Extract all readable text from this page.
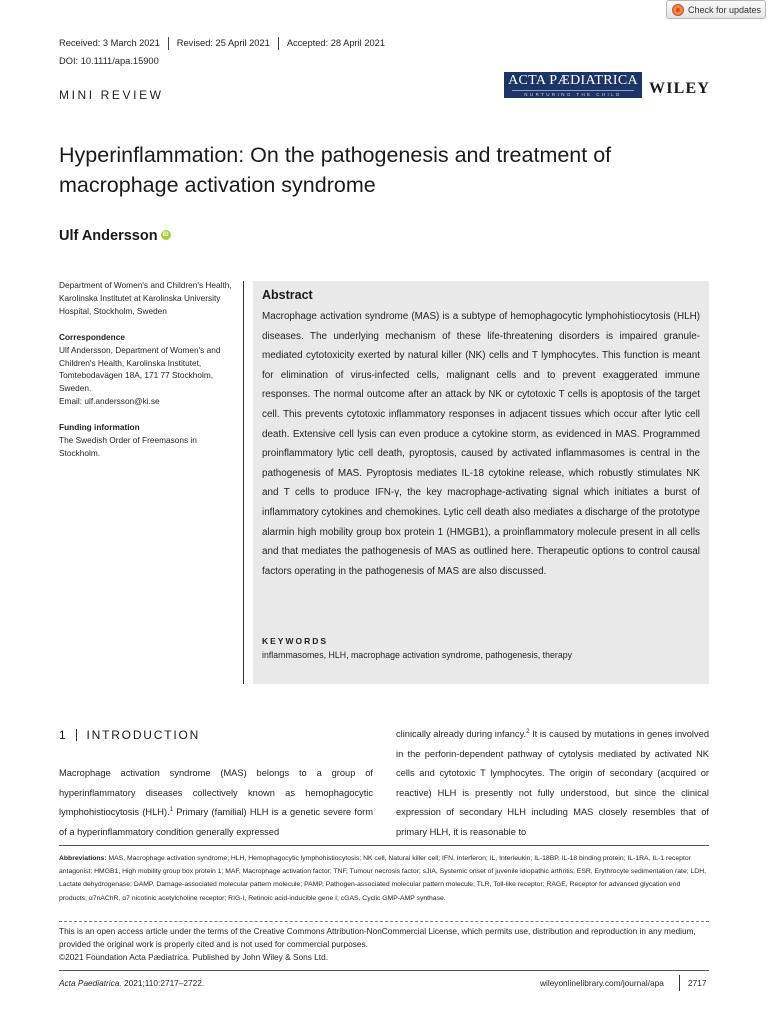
Check for updates
Received: 3 March 2021 Revised: 25 April 2021 Accepted: 28 April 2021
DOI: 10.1111/apa.15900
MINI REVIEW
ACTA PÆDIATRICA
NURTURING THE CHILD	WILEY
Hyperinflammation: On the pathogenesis and treatment of macrophage activation syndrome
Ulf Andersson iD
Department of Women's and Children's Health, Karolinska Institutet at Karolinska University Hospital, Stockholm, Sweden
Correspondence
Ulf Andersson, Department of Women's and Children's Health, Karolinska Institutet, Tomtebodavägen 18A, 171 77 Stockholm, Sweden.
Email: ulf.andersson@ki.se
Funding information
The Swedish Order of Freemasons in Stockholm.
Abstract
Macrophage activation syndrome (MAS) is a subtype of hemophagocytic lymphohistiocytosis (HLH) diseases. The underlying mechanism of these life-threatening disorders is impaired granule-mediated cytotoxicity exerted by natural killer (NK) cells and T lymphocytes. This function is meant for elimination of virus-infected cells, malignant cells and to prevent exaggerated immune responses. The normal outcome after an attack by NK or cytotoxic T cells is apoptosis of the target cell. This prevents cytotoxic inflammatory responses in adjacent tissues which occur after lytic cell death. Extensive cell lysis can even produce a cytokine storm, as evidenced in MAS. Programmed proinflammatory lytic cell death, pyroptosis, caused by activated inflammasomes is central in the pathogenesis of MAS. Pyroptosis mediates IL-18 cytokine release, which robustly stimulates NK and T cells to produce IFN-γ, the key macrophage-activating signal which initiates a burst of inflammatory cytokines and chemokines. Lytic cell death also mediates a discharge of the prototype alarmin high mobility group box protein 1 (HMGB1), a proinflammatory molecule present in all cells and that mediates the pathogenesis of MAS as outlined here. Therapeutic options to control causal factors operating in the pathogenesis of MAS are also discussed.
KEYWORDS
inflammasomes, HLH, macrophage activation syndrome, pathogenesis, therapy
1 INTRODUCTION
Macrophage activation syndrome (MAS) belongs to a group of hyperinflammatory diseases collectively known as hemophagocytic lymphohistiocytosis (HLH).$^1$ Primary (familial) HLH is a genetic severe form of a hyperinflammatory condition generally expressed
clinically already during infancy.$^2$ It is caused by mutations in genes involved in the perforin-dependent pathway of cytolysis mediated by activated NK cells and cytotoxic T lymphocytes. The origin of secondary (acquired or reactive) HLH is presently not fully understood, but since the clinical expression of secondary HLH including MAS closely resembles that of primary HLH, it is reasonable to
Abbreviations: MAS, Macrophage activation syndrome; HLH, Hemophagocytic lymphohistiocytosis; NK cell, Natural killer cell; IFN, Interferon; IL, Interleukin; IL-18BP, IL-18 binding protein; IL-1RA, IL-1 receptor antagonist; HMGB1, High mobility group box protein 1; MAF, Macrophage activation factor; TNF, Tumour necrosis factor; sJIA, Systemic onset of juvenile idiopathic arthritis; ESR, Erythrocyte sedimentation rate; LDH, Lactate dehydrogenase; DAMP, Damage-associated molecular pattern molecule; PAMP, Pathogen-associated molecular pattern molecule; TLR, Toll-like receptor; RAGE, Receptor for advanced glycation end products; α7nAChR, α7 nicotinic acetylcholine receptor; RIG-I, Retinoic acid-inducible gene I; cGAS, Cyclic GMP-AMP synthase.
This is an open access article under the terms of the Creative Commons Attribution-NonCommercial License, which permits use, distribution and reproduction in any medium, provided the original work is properly cited and is not used for commercial purposes.
©2021 Foundation Acta Pædiatrica. Published by John Wiley & Sons Ltd.
Acta Paediatrica. 2021;110:2717–2722.	wileyonlinelibrary.com/journal/apa	2717
